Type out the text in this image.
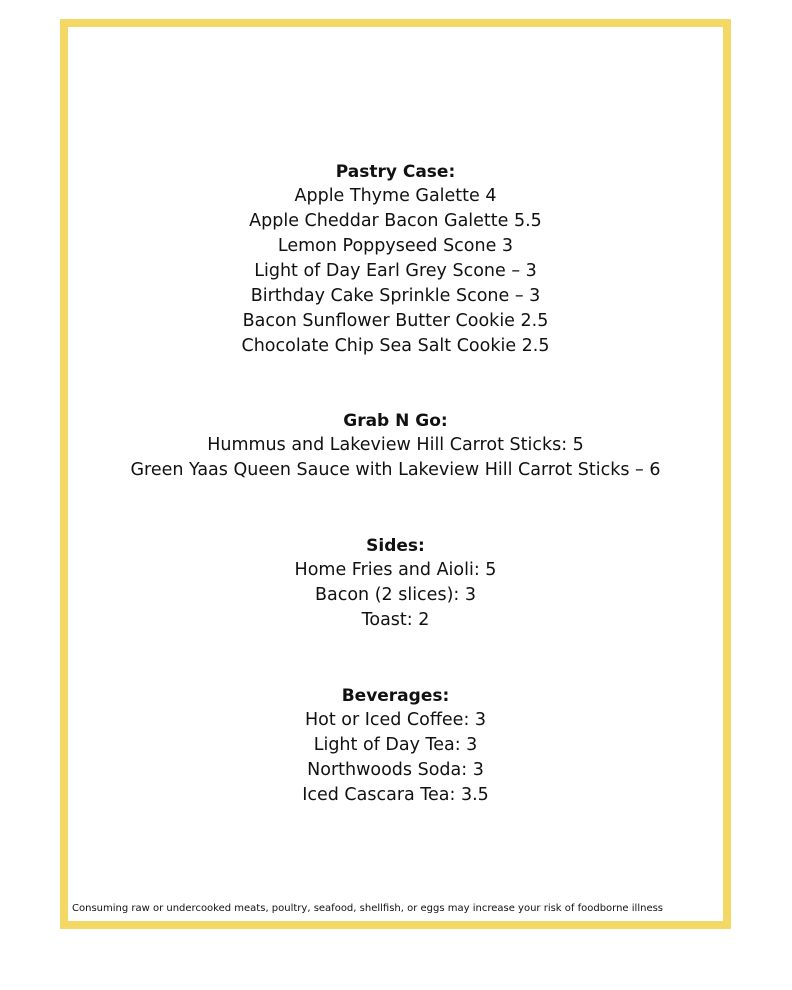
Pastry Case:
Apple Thyme Galette 4
Apple Cheddar Bacon Galette 5.5
Lemon Poppyseed Scone 3
Light of Day Earl Grey Scone – 3
Birthday Cake Sprinkle Scone – 3
Bacon Sunflower Butter Cookie 2.5
Chocolate Chip Sea Salt Cookie 2.5
Grab N Go:
Hummus and Lakeview Hill Carrot Sticks: 5
Green Yaas Queen Sauce with Lakeview Hill Carrot Sticks – 6
Sides:
Home Fries and Aioli: 5
Bacon (2 slices): 3
Toast: 2
Beverages:
Hot or Iced Coffee: 3
Light of Day Tea: 3
Northwoods Soda: 3
Iced Cascara Tea: 3.5

Consuming raw or undercooked meats, poultry, seafood, shellfish, or eggs may increase your risk of foodborne illness
